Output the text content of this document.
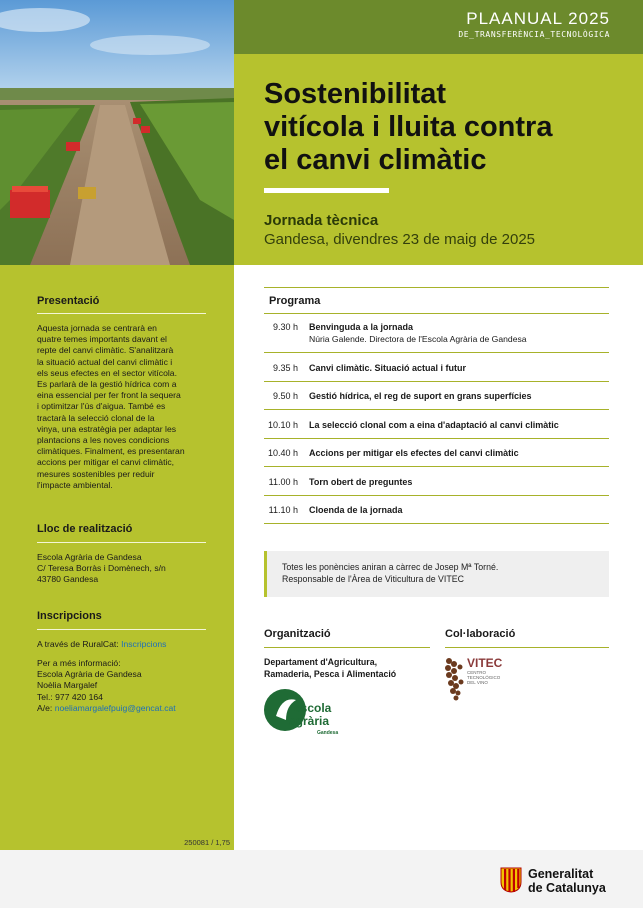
PLAANUAL 2025
DE_TRANSFERÈNCIA_TECNOLÒGICA
Sostenibilitat
vitícola i lluita contra
el canvi climàtic
Jornada tècnica
Gandesa, divendres 23 de maig de 2025
Presentació
Aquesta jornada se centrarà en
quatre temes importants davant el
repte del canvi climàtic. S'analitzarà
la situació actual del canvi climàtic i
els seus efectes en el sector vitícola.
Es parlarà de la gestió hídrica com a
eina essencial per fer front la sequera
i optimitzar l'ús d'aigua. També es
tractarà la selecció clonal de la
vinya, una estratègia per adaptar les
plantacions a les noves condicions
climàtiques. Finalment, es presentaran
accions per mitigar el canvi climàtic,
mesures sostenibles per reduir
l'impacte ambiental.
Lloc de realització
Escola Agrària de Gandesa
C/ Teresa Borràs i Domènech, s/n
43780 Gandesa
Inscripcions
A través de RuralCat: Inscripcions
Per a més informació:
Escola Agrària de Gandesa
Noèlia Margalef
Tel.: 977 420 164
A/e: noeliamargalefpuig@gencat.cat
250081 / 1,75
Programa
9.30 h Benvinguda a la jornada
Núria Galende. Directora de l'Escola Agrària de Gandesa
9.35 h Canvi climàtic. Situació actual i futur
9.50 h Gestió hídrica, el reg de suport en grans superfícies
10.10 h La selecció clonal com a eina d'adaptació al canvi climàtic
10.40 h Accions per mitigar els efectes del canvi climàtic
11.00 h Torn obert de preguntes
11.10 h Cloenda de la jornada
Totes les ponències aniran a càrrec de Josep Mª Torné.
Responsable de l'Àrea de Viticultura de VITEC
Organització
Departament d'Agricultura,
Ramaderia, Pesca i Alimentació
escola
agrària
Gandesa
Col·laboració
VITEC
CENTRO
TECNOLÓGICO
DEL VINO
Generalitat
de Catalunya
